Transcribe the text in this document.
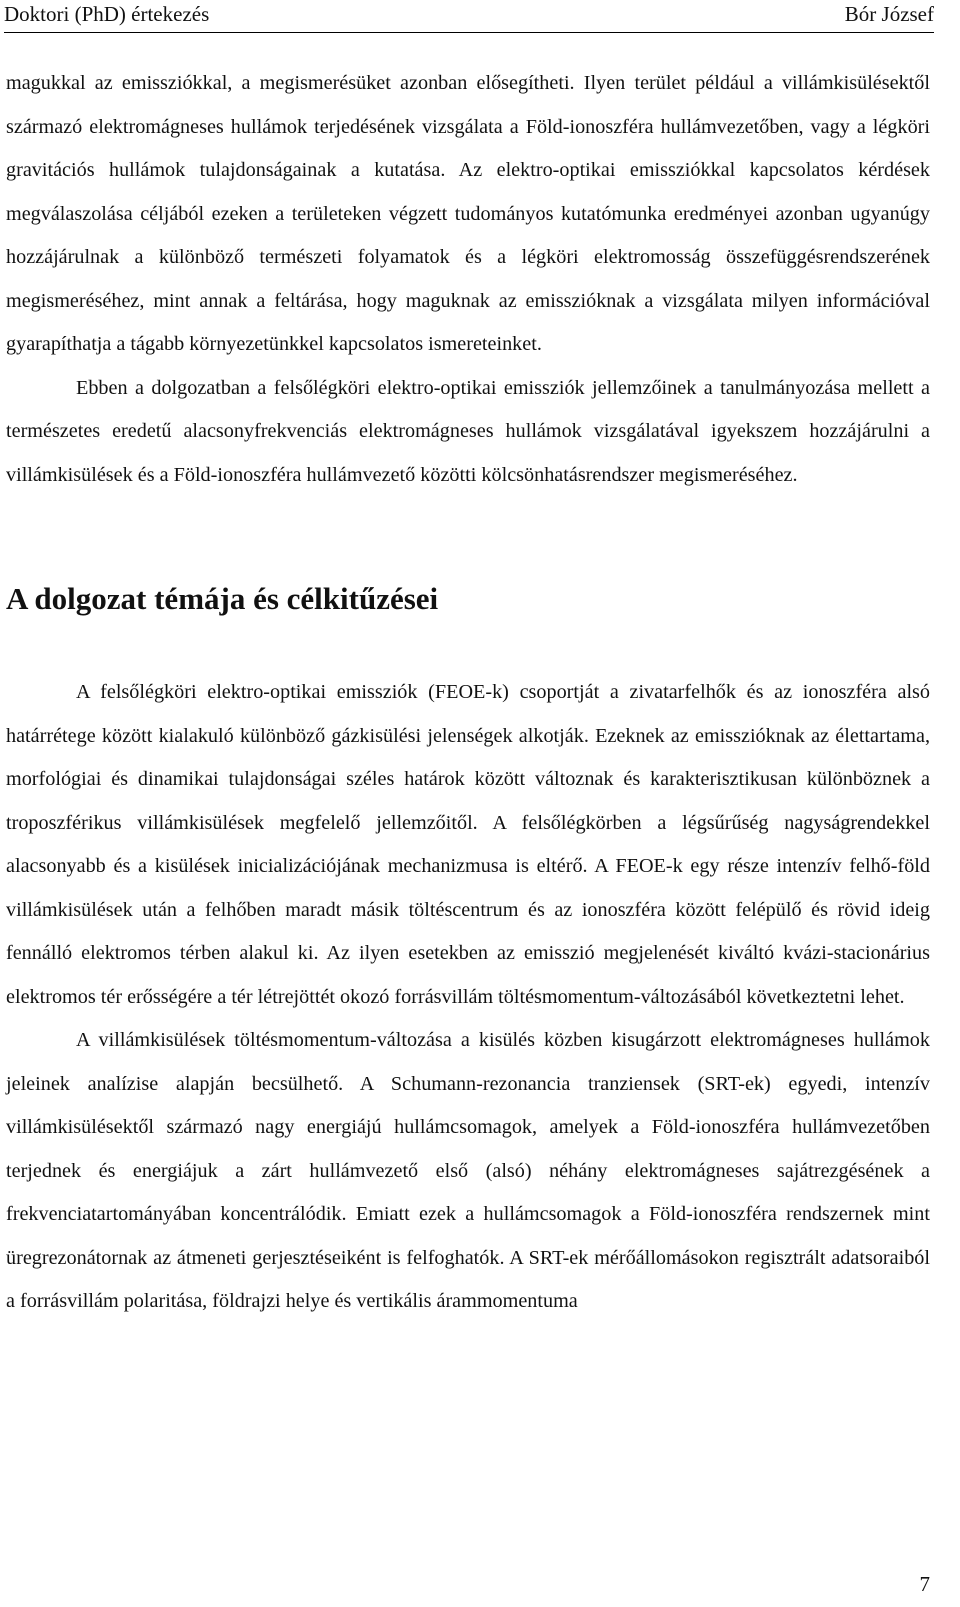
Doktori (PhD) értekezés	Bór József

magukkal az emissziókkal, a megismerésüket azonban elősegítheti. Ilyen terület például a villámkisülésektől származó elektromágneses hullámok terjedésének vizsgálata a Föld-ionoszféra hullámvezetőben, vagy a légköri gravitációs hullámok tulajdonságainak a kutatása. Az elektro-optikai emissziókkal kapcsolatos kérdések megválaszolása céljából ezeken a területeken végzett tudományos kutatómunka eredményei azonban ugyanúgy hozzájárulnak a különböző természeti folyamatok és a légköri elektromosság összefüggésrendszerének megismeréséhez, mint annak a feltárása, hogy maguknak az emisszióknak a vizsgálata milyen információval gyarapíthatja a tágabb környezetünkkel kapcsolatos ismereteinket.

Ebben a dolgozatban a felsőlégköri elektro-optikai emissziók jellemzőinek a tanulmányozása mellett a természetes eredetű alacsonyfrekvenciás elektromágneses hullámok vizsgálatával igyekszem hozzájárulni a villámkisülések és a Föld-ionoszféra hullámvezető közötti kölcsönhatásrendszer megismeréséhez.

A dolgozat témája és célkitűzései

A felsőlégköri elektro-optikai emissziók (FEOE-k) csoportját a zivatarfelhők és az ionoszféra alsó határrétege között kialakuló különböző gázkisülési jelenségek alkotják. Ezeknek az emisszióknak az élettartama, morfológiai és dinamikai tulajdonságai széles határok között változnak és karakterisztikusan különböznek a troposzférikus villámkisülések megfelelő jellemzőitől. A felsőlégkörben a légsűrűség nagyságrendekkel alacsonyabb és a kisülések inicializációjának mechanizmusa is eltérő. A FEOE-k egy része intenzív felhő-föld villámkisülések után a felhőben maradt másik töltéscentrum és az ionoszféra között felépülő és rövid ideig fennálló elektromos térben alakul ki. Az ilyen esetekben az emisszió megjelenését kiváltó kvázi-stacionárius elektromos tér erősségére a tér létrejöttét okozó forrásvillám töltésmomentum-változásából következtetni lehet.

A villámkisülések töltésmomentum-változása a kisülés közben kisugárzott elektromágneses hullámok jeleinek analízise alapján becsülhető. A Schumann-rezonancia tranziensek (SRT-ek) egyedi, intenzív villámkisülésektől származó nagy energiájú hullámcsomagok, amelyek a Föld-ionoszféra hullámvezetőben terjednek és energiájuk a zárt hullámvezető első (alsó) néhány elektromágneses sajátrezgésének a frekvenciatartományában koncentrálódik. Emiatt ezek a hullámcsomagok a Föld-ionoszféra rendszernek mint üregrezonátornak az átmeneti gerjesztéseiként is felfoghatók. A SRT-ek mérőállomásokon regisztrált adatsoraiból a forrásvillám polaritása, földrajzi helye és vertikális árammomentuma

7
